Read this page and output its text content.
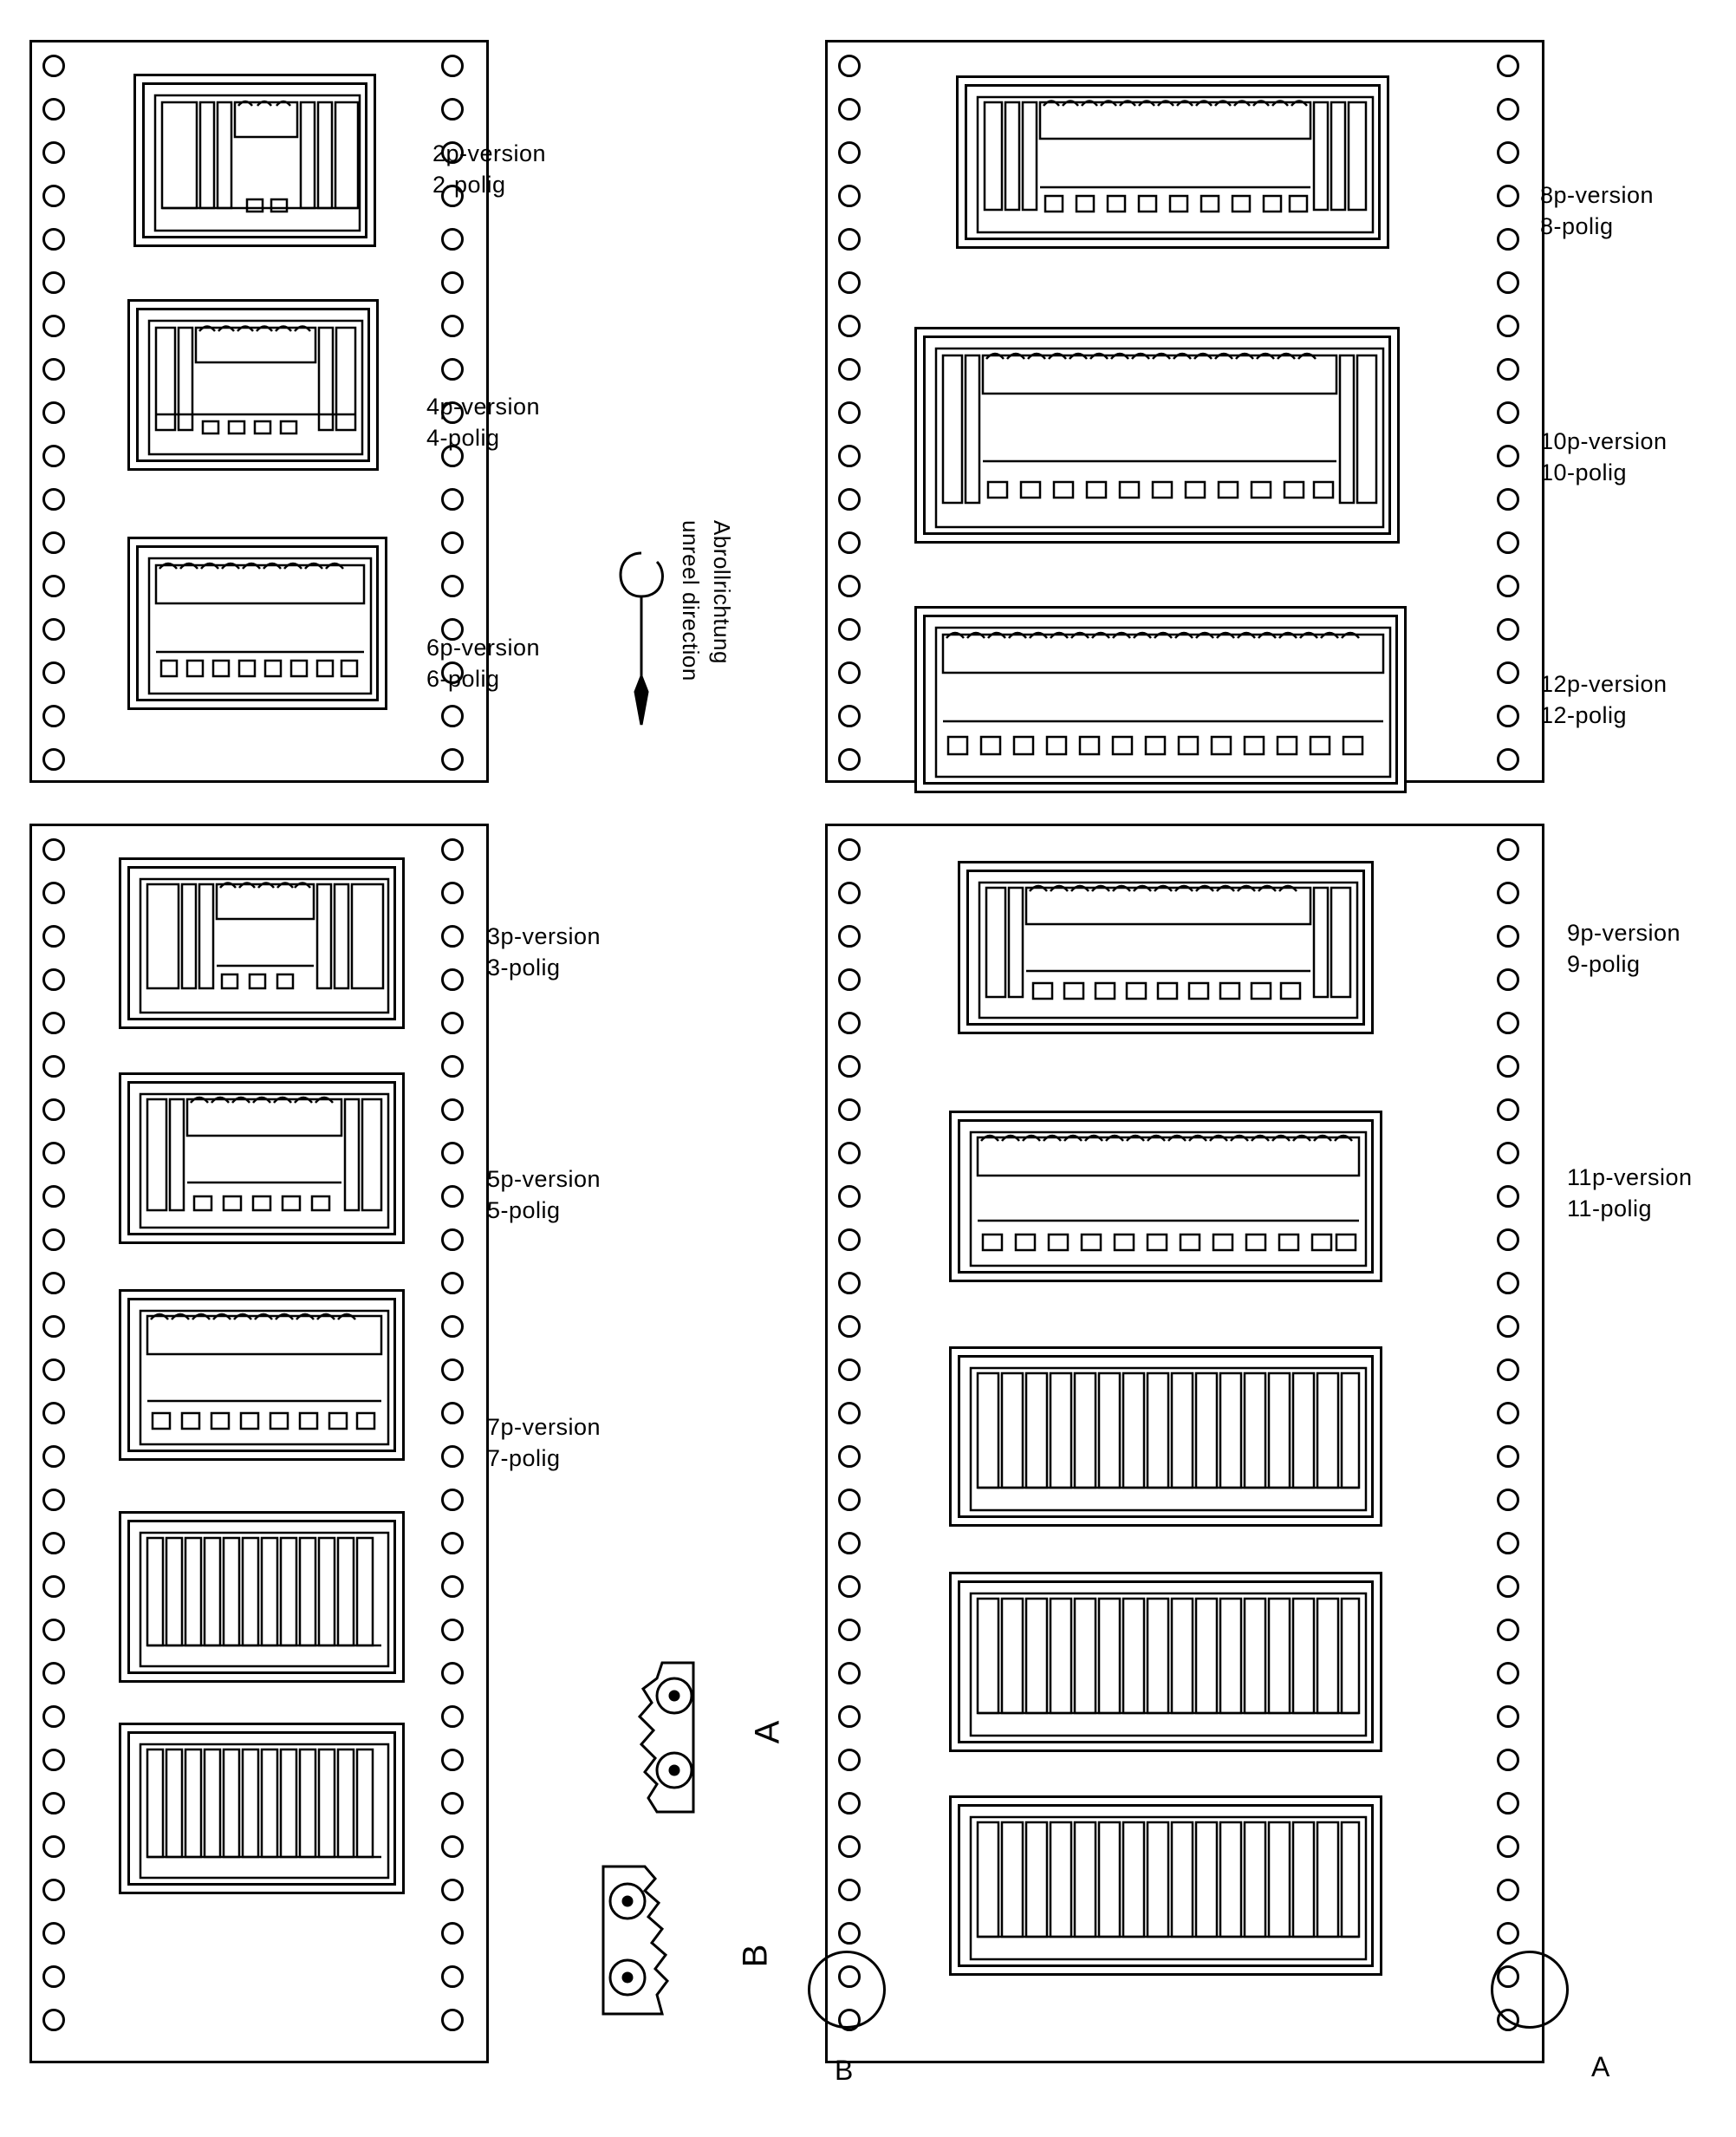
2p-version
2-polig
4p-version
4-polig
6p-version
6-polig
8p-version
8-polig
10p-version
10-polig
12p-version
12-polig
unreel direction Abrollrichtung
3p-version
3-polig
5p-version
5-polig
7p-version
7-polig
9p-version
9-polig
11p-version
11-polig
A
B
B	A
